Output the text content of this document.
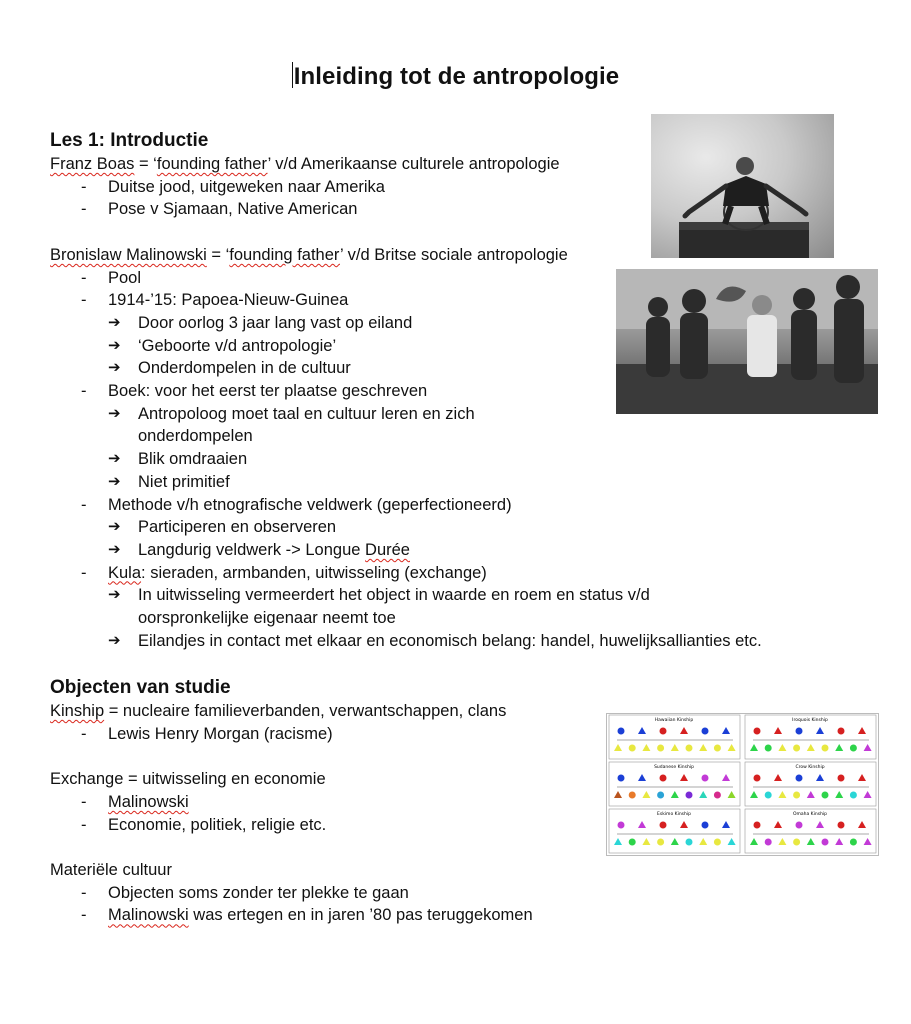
Inleiding tot de antropologie
Les 1: Introductie
Franz Boas = ‘founding father’ v/d Amerikaanse culturele antropologie
- Duitse jood, uitgeweken naar Amerika
- Pose v Sjamaan, Native American
Bronislaw Malinowski = ‘founding father’ v/d Britse sociale antropologie
- Pool
- 1914-’15: Papoea-Nieuw-Guinea
➔ Door oorlog 3 jaar lang vast op eiland
➔ ‘Geboorte v/d antropologie’
➔ Onderdompelen in de cultuur
- Boek: voor het eerst ter plaatse geschreven
➔ Antropoloog moet taal en cultuur leren en zich onderdompelen
➔ Blik omdraaien
➔ Niet primitief
- Methode v/h etnografische veldwerk (geperfectioneerd)
➔ Participeren en observeren
➔ Langdurig veldwerk -> Longue Durée
- Kula: sieraden, armbanden, uitwisseling (exchange)
➔ In uitwisseling vermeerdert het object in waarde en roem en status v/d oorspronkelijke eigenaar neemt toe
➔ Eilandjes in contact met elkaar en economisch belang: handel, huwelijksallianties etc.
Objecten van studie
Kinship = nucleaire familieverbanden, verwantschappen, clans
- Lewis Henry Morgan (racisme)
Exchange = uitwisseling en economie
- Malinowski
- Economie, politiek, religie etc.
Materiële cultuur
- Objecten soms zonder ter plekke te gaan
- Malinowski was ertegen en in jaren ’80 pas teruggekomen
Hawaiian Kinship	Iroquois Kinship
Sudanese Kinship	Crow Kinship
Eskimo Kinship	Omaha Kinship
